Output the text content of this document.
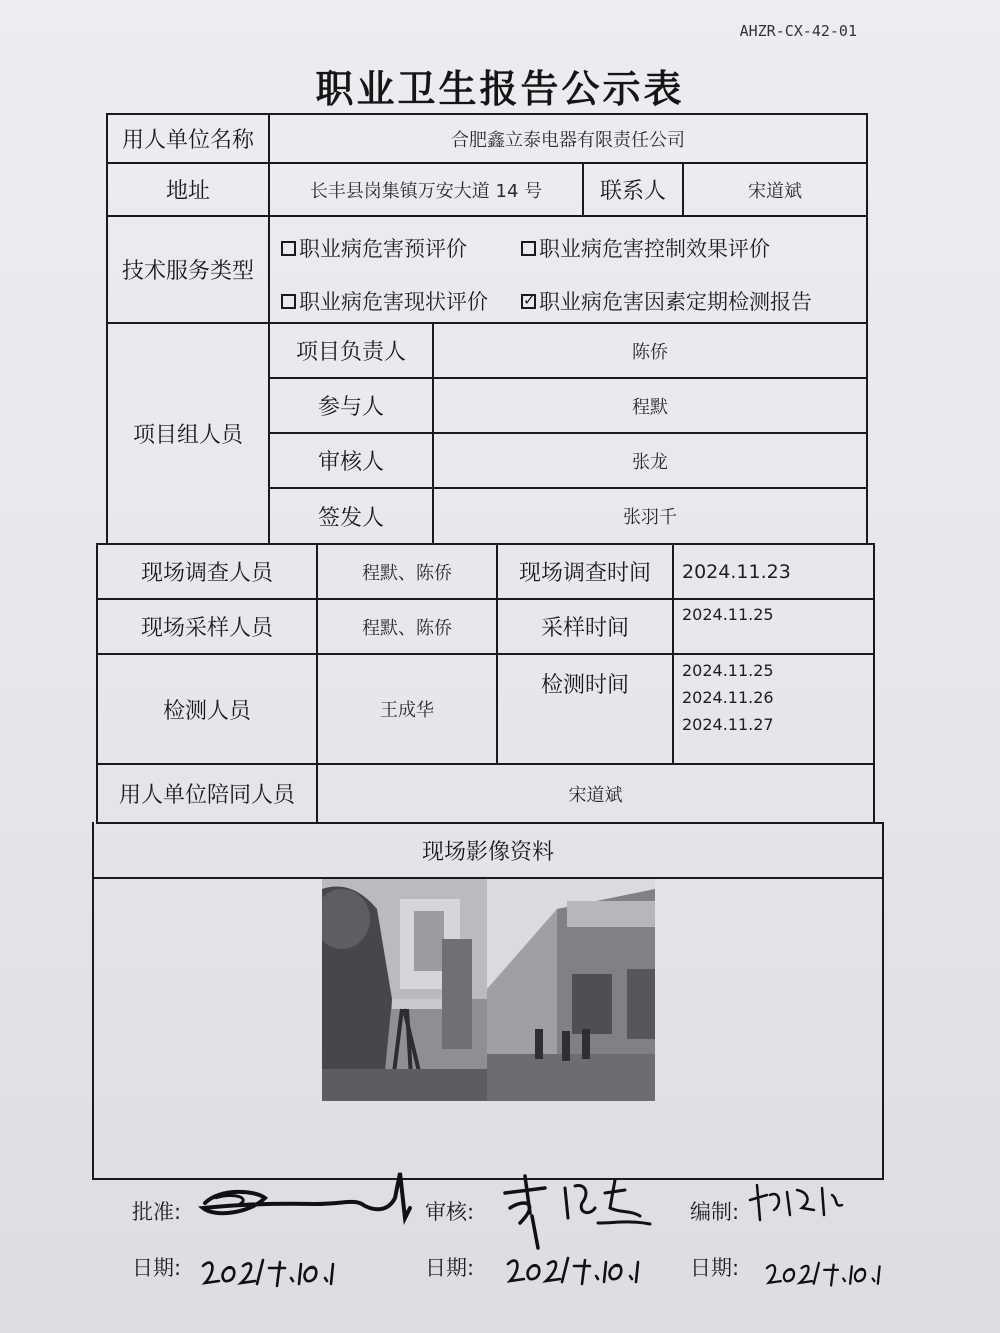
AHZR-CX-42-01
职业卫生报告公示表
用人单位名称	合肥鑫立泰电器有限责任公司
地址	长丰县岗集镇万安大道 14 号	联系人	宋道斌
技术服务类型
职业病危害预评价	职业病危害控制效果评价
职业病危害现状评价
✓ 职业病危害因素定期检测报告
项目组人员
项目负责人	陈侨
参与人	程默
审核人	张龙
签发人	张羽千
现场调查人员	程默、陈侨	现场调查时间	2024.11.23
现场采样人员	程默、陈侨	采样时间
2024.11.25
检测人员	王成华
检测时间
2024.11.25
2024.11.26
2024.11.27
用人单位陪同人员	宋道斌
现场影像资料
批准:	审核:	编制:
日期:	日期:	日期:
